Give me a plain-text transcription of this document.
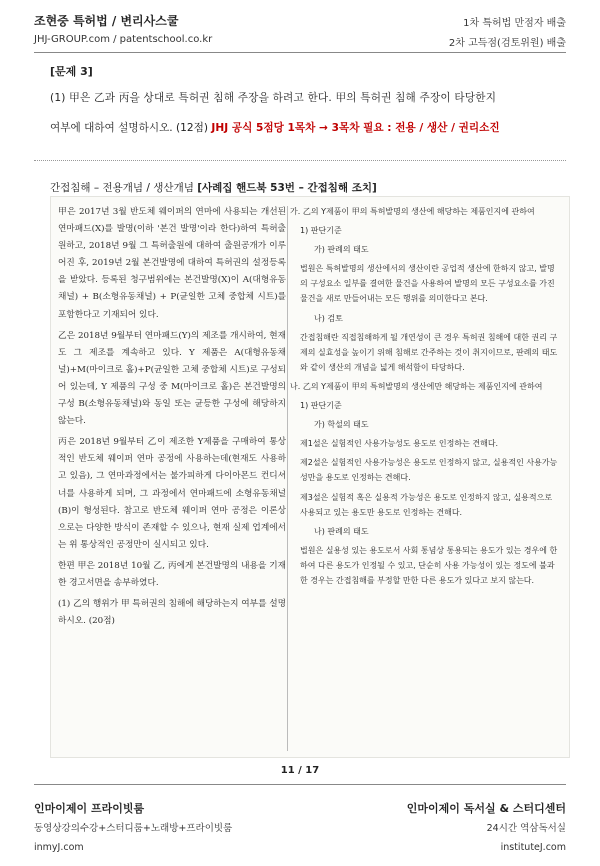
조현중 특허법 / 변리사스쿨
JHJ-GROUP.com / patentschool.co.kr
1차 특허법 만점자 배출
2차 고득점(검토위원) 배출
[문제 3]
(1) 甲은 乙과 丙을 상대로 특허권 침해 주장을 하려고 한다. 甲의 특허권 침해 주장이 타당한지
여부에 대하여 설명하시오. (12점) JHJ 공식 5점당 1목차 → 3목차 필요 : 전용 / 생산 / 권리소진
간접침해 – 전용개념 / 생산개념 [사례집 핸드북 53번 – 간접침해 조치]

甲은 2017년 3월 반도체 웨이퍼의 연마에 사용되는 개선된 연마패드(X)를 발명(이하 '본건 발명'이라 한다)하여 특허출원하고, 2018년 9월 그 특허출원에 대하여 출원공개가 이루어진 후, 2019년 2월 본건발명에 대하여 특허권의 설정등록을 받았다. 등록된 청구범위에는 본건발명(X)이 A(대형유동채널) + B(소형유동채널) + P(균일한 고체 중합체 시트)를 포함한다고 기재되어 있다.

乙은 2018년 9월부터 연마패드(Y)의 제조를 개시하여, 현재도 그 제조를 계속하고 있다. Y 제품은 A(대형유동채널)+M(마이크로 홀)+P(균일한 고체 중합체 시트)로 구성되어 있는데, Y 제품의 구성 중 M(마이크로 홀)은 본건발명의 구성 B(소형유동채널)와 동일 또는 균등한 구성에 해당하지 않는다.

丙은 2018년 9월부터 乙이 제조한 Y제품을 구매하여 통상적인 반도체 웨이퍼 연마 공정에 사용하는데(현재도 사용하고 있음), 그 연마과정에서는 불가피하게 다이아몬드 컨디셔너를 사용하게 되며, 그 과정에서 연마패드에 소형유동채널(B)이 형성된다. 참고로 반도체 웨이퍼 연마 공정은 이론상으로는 다양한 방식이 존재할 수 있으나, 현재 실제 업계에서는 위 통상적인 공정만이 실시되고 있다.

한편 甲은 2018년 10월 乙, 丙에게 본건발명의 내용을 기재한 경고서면을 송부하였다.

(1) 乙의 행위가 甲 특허권의 침해에 해당하는지 여부를 설명하시오. (20점)

가. 乙의 Y제품이 甲의 특허발명의 생산에 해당하는 제품인지에 관하여

1) 판단기준

가) 판례의 태도

법원은 특허발명의 생산에서의 생산이란 공업적 생산에 한하지 않고, 발명의 구성요소 일부를 결여한 물건을 사용하여 발명의 모든 구성요소를 가진 물건을 새로 만들어내는 모든 행위를 의미한다고 본다.

나) 검토

간접침해란 직접침해하게 될 개연성이 큰 경우 특허권 침해에 대한 권리 구제의 실효성을 높이기 위해 침해로 간주하는 것이 취지이므로, 판례의 태도와 같이 생산의 개념을 넓게 해석함이 타당하다.

나. 乙의 Y제품이 甲의 특허발명의 생산에만 해당하는 제품인지에 관하여

1) 판단기준

가) 학설의 태도

제1설은 실험적인 사용가능성도 용도로 인정하는 견해다.

제2설은 실험적인 사용가능성은 용도로 인정하지 않고, 실용적인 사용가능성만을 용도로 인정하는 견해다.

제3설은 실험적 혹은 실용적 가능성은 용도로 인정하지 않고, 실용적으로 사용되고 있는 용도만 용도로 인정하는 견해다.

나) 판례의 태도

법원은 실용성 있는 용도로서 사회 통념상 통용되는 용도가 있는 경우에 한하여 다른 용도가 인정될 수 있고, 단순히 사용 가능성이 있는 정도에 불과한 경우는 간접침해를 부정할 만한 다른 용도가 있다고 보지 않는다.

11 / 17
인마이제이 프라이빗룸
동영상강의수강+스터디룸+노래방+프라이빗룸
inmyJ.com
인마이제이 독서실 & 스터디센터
24시간 역삼독서실
instituteJ.com
